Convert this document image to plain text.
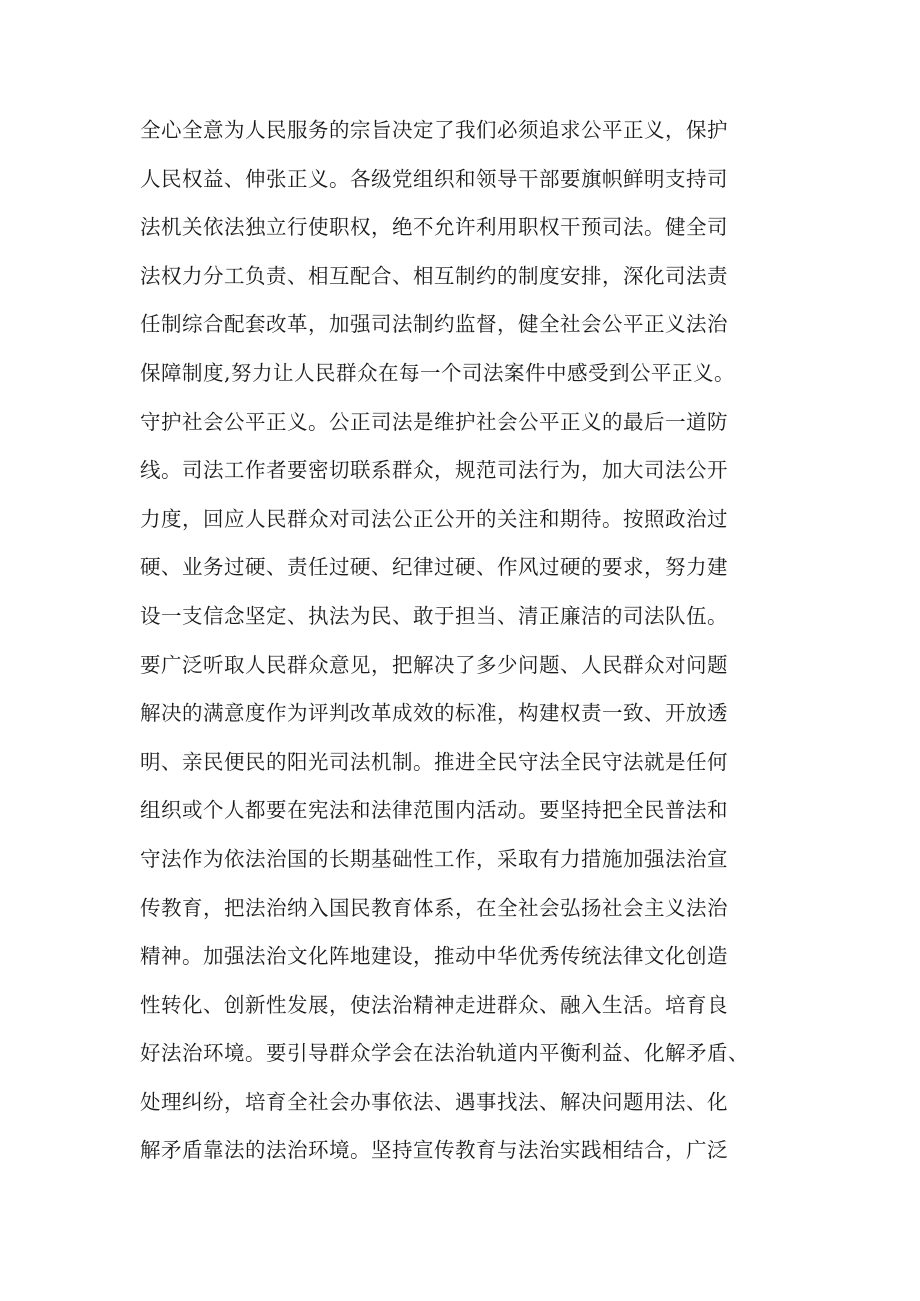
全心全意为人民服务的宗旨决定了我们必须追求公平正义，保护
人民权益、伸张正义。各级党组织和领导干部要旗帜鲜明支持司
法机关依法独立行使职权，绝不允许利用职权干预司法。健全司
法权力分工负责、相互配合、相互制约的制度安排，深化司法责
任制综合配套改革，加强司法制约监督，健全社会公平正义法治
保障制度,努力让人民群众在每一个司法案件中感受到公平正义。
守护社会公平正义。公正司法是维护社会公平正义的最后一道防
线。司法工作者要密切联系群众，规范司法行为，加大司法公开
力度，回应人民群众对司法公正公开的关注和期待。按照政治过
硬、业务过硬、责任过硬、纪律过硬、作风过硬的要求，努力建
设一支信念坚定、执法为民、敢于担当、清正廉洁的司法队伍。
要广泛听取人民群众意见，把解决了多少问题、人民群众对问题
解决的满意度作为评判改革成效的标准，构建权责一致、开放透
明、亲民便民的阳光司法机制。推进全民守法全民守法就是任何
组织或个人都要在宪法和法律范围内活动。要坚持把全民普法和
守法作为依法治国的长期基础性工作，采取有力措施加强法治宣
传教育，把法治纳入国民教育体系，在全社会弘扬社会主义法治
精神。加强法治文化阵地建设，推动中华优秀传统法律文化创造
性转化、创新性发展，使法治精神走进群众、融入生活。培育良
好法治环境。要引导群众学会在法治轨道内平衡利益、化解矛盾、
处理纠纷，培育全社会办事依法、遇事找法、解决问题用法、化
解矛盾靠法的法治环境。坚持宣传教育与法治实践相结合，广泛
